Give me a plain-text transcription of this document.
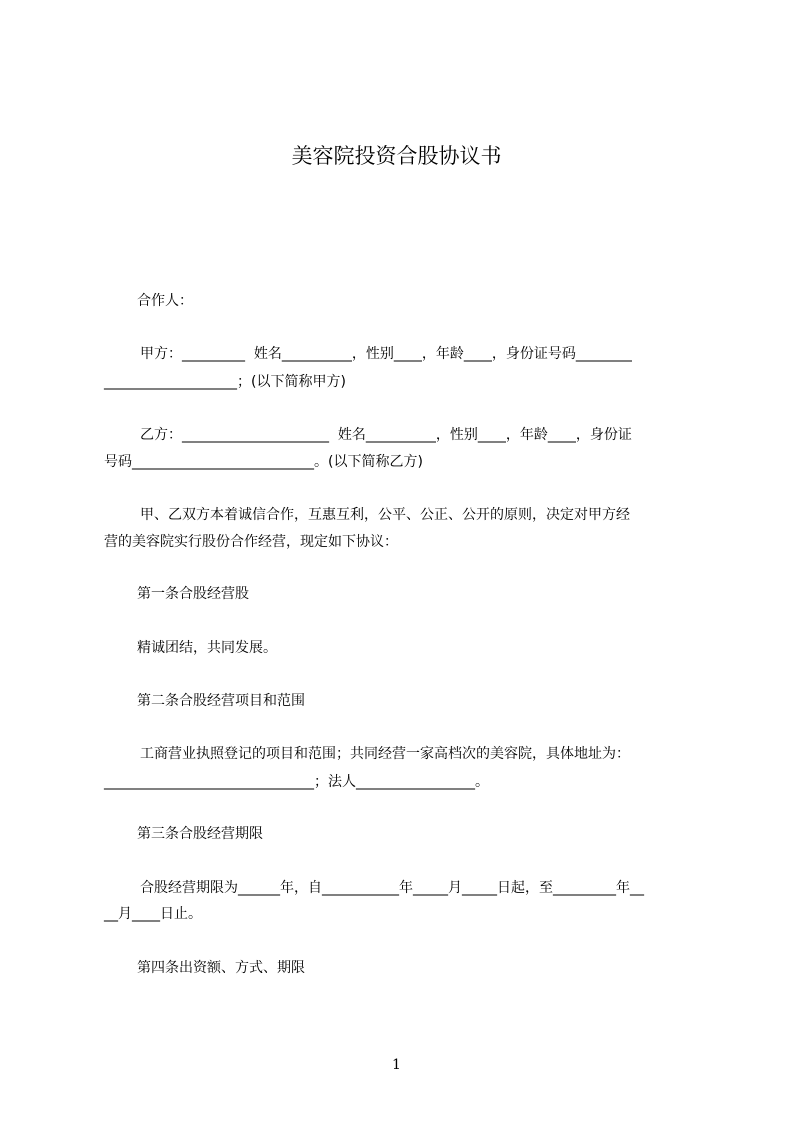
美容院投资合股协议书
合作人：
甲方：_________  姓名__________，性别____，年龄____，身份证号码________
___________________；(以下简称甲方)
乙方：_____________________  姓名__________，性别____，年龄____，身份证
号码__________________________。(以下简称乙方)
甲、乙双方本着诚信合作，互惠互利，公平、公正、公开的原则，决定对甲方经
营的美容院实行股份合作经营，现定如下协议：
第一条合股经营股
精诚团结，共同发展。
第二条合股经营项目和范围
工商营业执照登记的项目和范围；共同经营一家高档次的美容院，具体地址为：
______________________________；法人_________________。
第三条合股经营期限
合股经营期限为______年，自___________年_____月_____日起，至_________年__
__月____日止。
第四条出资额、方式、期限
1
